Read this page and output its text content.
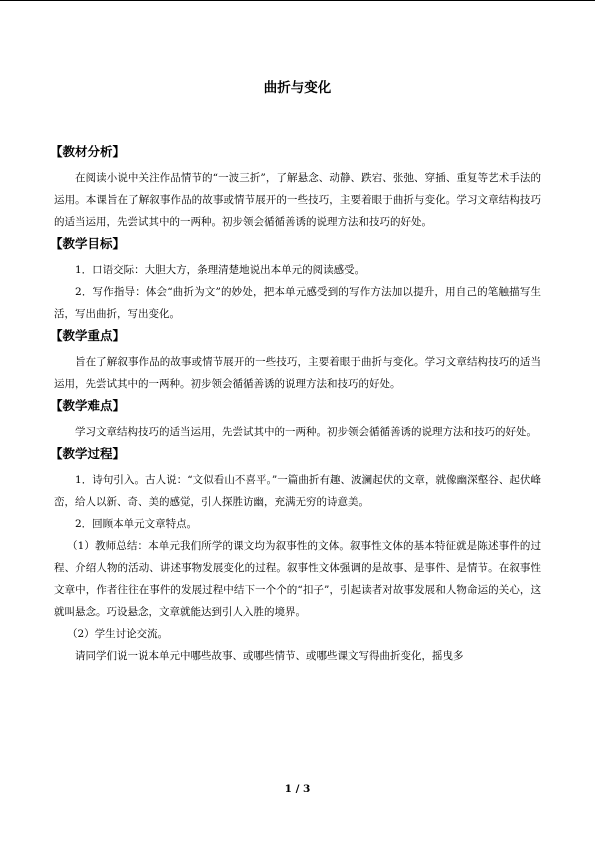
曲折与变化
【教材分析】

在阅读小说中关注作品情节的“一波三折”，了解悬念、动静、跌宕、张弛、穿插、重复等艺术手法的运用。本课旨在了解叙事作品的故事或情节展开的一些技巧，主要着眼于曲折与变化。学习文章结构技巧的适当运用，先尝试其中的一两种。初步领会循循善诱的说理方法和技巧的好处。

【教学目标】

1．口语交际：大胆大方，条理清楚地说出本单元的阅读感受。

2．写作指导：体会“曲折为文”的妙处，把本单元感受到的写作方法加以提升，用自己的笔触描写生活，写出曲折，写出变化。

【教学重点】

旨在了解叙事作品的故事或情节展开的一些技巧，主要着眼于曲折与变化。学习文章结构技巧的适当运用，先尝试其中的一两种。初步领会循循善诱的说理方法和技巧的好处。

【教学难点】

学习文章结构技巧的适当运用，先尝试其中的一两种。初步领会循循善诱的说理方法和技巧的好处。

【教学过程】

1．诗句引入。古人说：“文似看山不喜平。”一篇曲折有趣、波澜起伏的文章，就像幽深壑谷、起伏峰峦，给人以新、奇、美的感觉，引人探胜访幽，充满无穷的诗意美。

2．回顾本单元文章特点。

（1）教师总结：本单元我们所学的课文均为叙事性的文体。叙事性文体的基本特征就是陈述事件的过程、介绍人物的活动、讲述事物发展变化的过程。叙事性文体强调的是故事、是事件、是情节。在叙事性文章中，作者往往在事件的发展过程中结下一个个的“扣子”，引起读者对故事发展和人物命运的关心，这就叫悬念。巧设悬念，文章就能达到引人入胜的境界。

（2）学生讨论交流。

请同学们说一说本单元中哪些故事、或哪些情节、或哪些课文写得曲折变化，摇曳多

1 / 3
